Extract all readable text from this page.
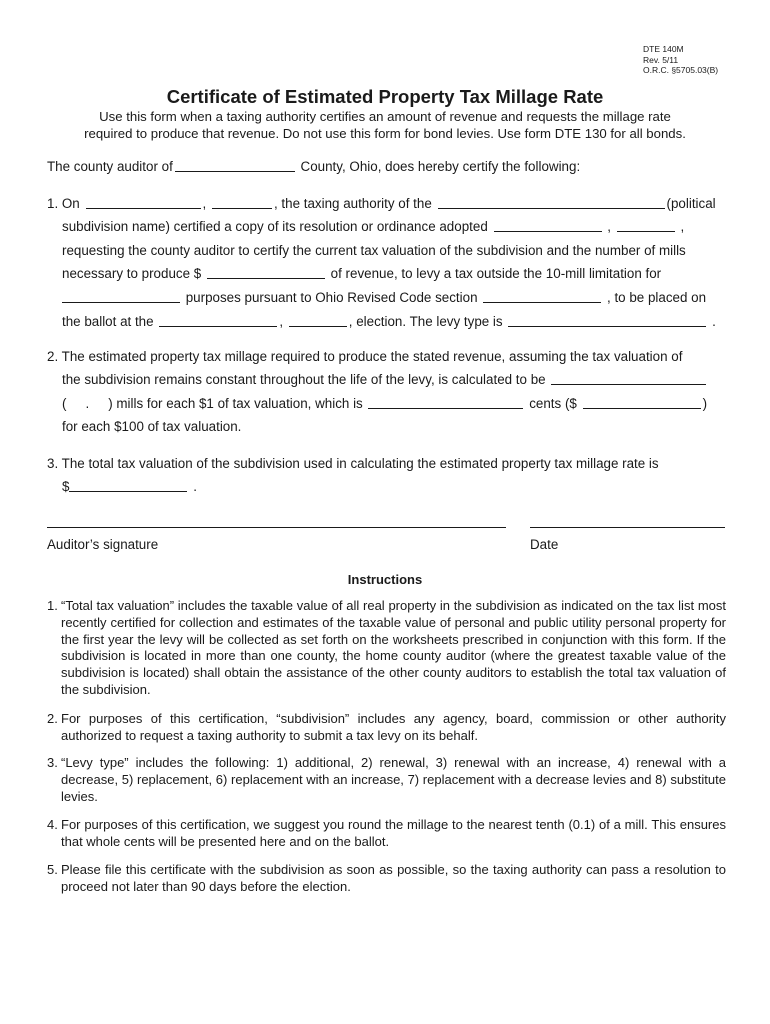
DTE 140M
Rev. 5/11
O.R.C. §5705.03(B)
Certificate of Estimated Property Tax Millage Rate
Use this form when a taxing authority certifies an amount of revenue and requests the millage rate
required to produce that revenue. Do not use this form for bond levies. Use form DTE 130 for all bonds.
The county auditor of	County, Ohio, does hereby certify the following:
1. On	,	, the taxing authority of the	(political
subdivision name) certified a copy of its resolution or ordinance adopted	,	,
requesting the county auditor to certify the current tax valuation of the subdivision and the number of mills
necessary to produce $	of revenue, to levy a tax outside the 10-mill limitation for
purposes pursuant to Ohio Revised Code section	, to be placed on
the ballot at the	,	, election. The levy type is	.
2. The estimated property tax millage required to produce the stated revenue, assuming the tax valuation of
the subdivision remains constant throughout the life of the levy, is calculated to be
( . ) mills for each $1 of tax valuation, which is	cents ($	)
for each $100 of tax valuation.
3. The total tax valuation of the subdivision used in calculating the estimated property tax millage rate is
$	.
Auditor’s signature	Date
Instructions
1. “Total tax valuation” includes the taxable value of all real property in the subdivision as indicated on the tax list most recently certified for collection and estimates of the taxable value of personal and public utility personal property for the first year the levy will be collected as set forth on the worksheets prescribed in conjunction with this form. If the subdivision is located in more than one county, the home county auditor (where the greatest taxable value of the subdivision is located) shall obtain the assistance of the other county auditors to establish the total tax valuation of the subdivision.
2. For purposes of this certification, “subdivision” includes any agency, board, commission or other authority authorized to request a taxing authority to submit a tax levy on its behalf.
3. “Levy type” includes the following: 1) additional, 2) renewal, 3) renewal with an increase, 4) renewal with a decrease, 5) replacement, 6) replacement with an increase, 7) replacement with a decrease levies and 8) substitute levies.
4. For purposes of this certification, we suggest you round the millage to the nearest tenth (0.1) of a mill. This ensures that whole cents will be presented here and on the ballot.
5. Please file this certificate with the subdivision as soon as possible, so the taxing authority can pass a resolution to proceed not later than 90 days before the election.
